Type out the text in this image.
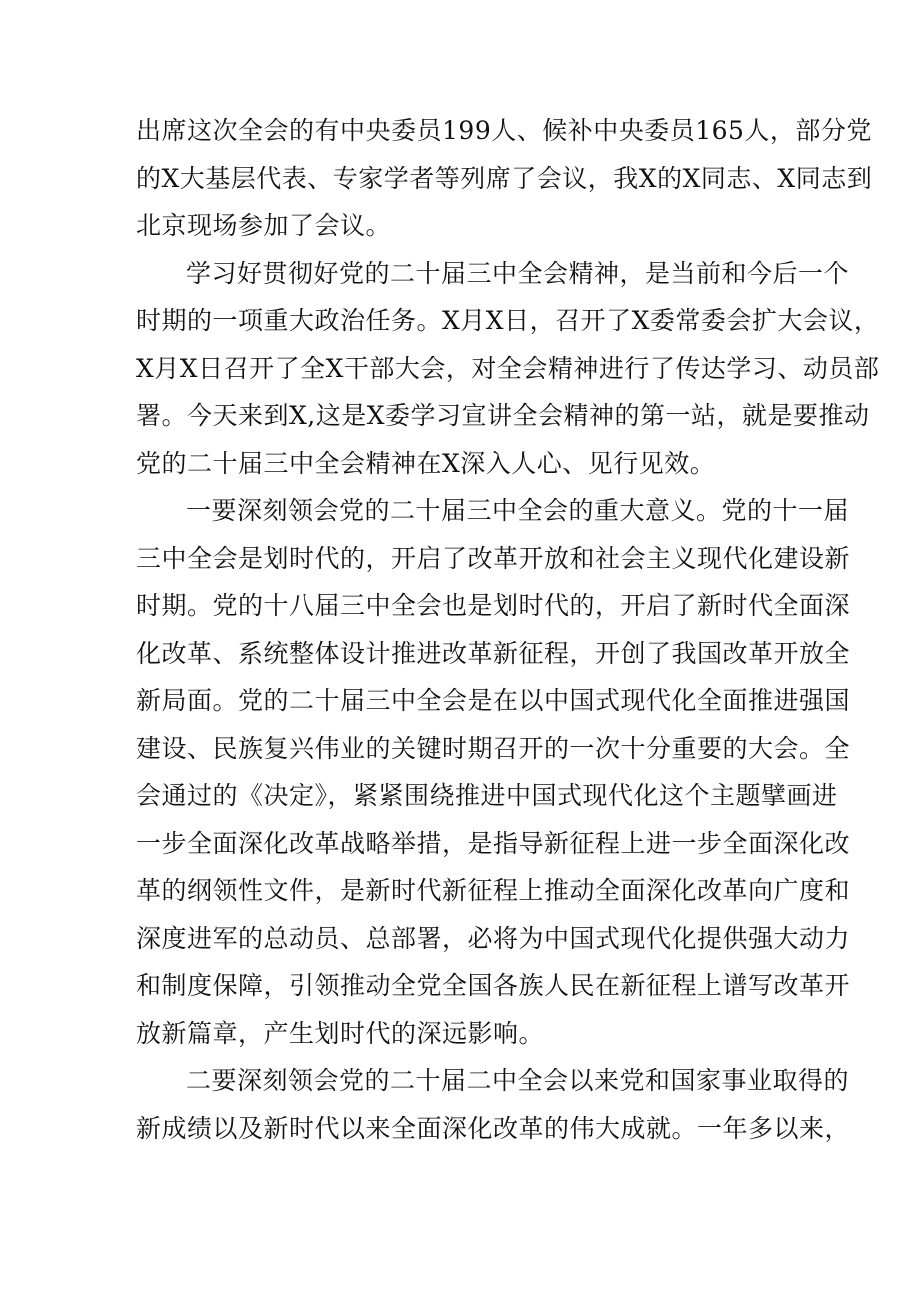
出席这次全会的有中央委员199人、候补中央委员165人，部分党
的X大基层代表、专家学者等列席了会议，我X的X同志、X同志到
北京现场参加了会议。

学习好贯彻好党的二十届三中全会精神，是当前和今后一个
时期的一项重大政治任务。X月X日，召开了X委常委会扩大会议，
X月X日召开了全X干部大会，对全会精神进行了传达学习、动员部
署。今天来到X,这是X委学习宣讲全会精神的第一站，就是要推动
党的二十届三中全会精神在X深入人心、见行见效。

一要深刻领会党的二十届三中全会的重大意义。党的十一届
三中全会是划时代的，开启了改革开放和社会主义现代化建设新
时期。党的十八届三中全会也是划时代的，开启了新时代全面深
化改革、系统整体设计推进改革新征程，开创了我国改革开放全
新局面。党的二十届三中全会是在以中国式现代化全面推进强国
建设、民族复兴伟业的关键时期召开的一次十分重要的大会。全
会通过的《决定》，紧紧围绕推进中国式现代化这个主题擘画进
一步全面深化改革战略举措，是指导新征程上进一步全面深化改
革的纲领性文件，是新时代新征程上推动全面深化改革向广度和
深度进军的总动员、总部署，必将为中国式现代化提供强大动力
和制度保障，引领推动全党全国各族人民在新征程上谱写改革开
放新篇章，产生划时代的深远影响。

二要深刻领会党的二十届二中全会以来党和国家事业取得的
新成绩以及新时代以来全面深化改革的伟大成就。一年多以来，
